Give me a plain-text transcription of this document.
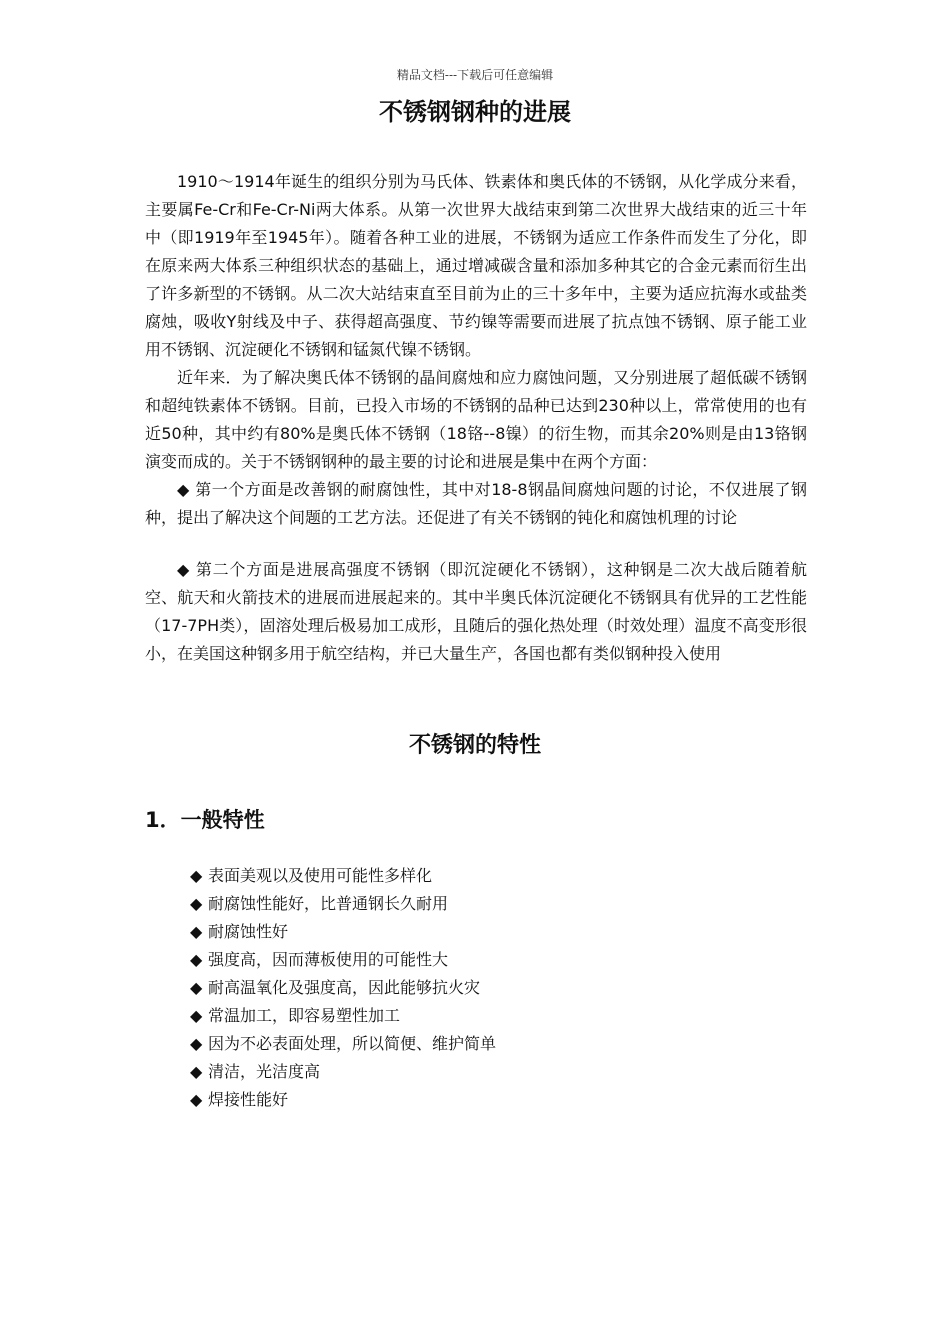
精品文档---下载后可任意编辑
不锈钢钢种的进展

1910～1914年诞生的组织分别为马氏体、铁素体和奥氏体的不锈钢，从化学成分来看，主要属Fe-Cr和Fe-Cr-Ni两大体系。从第一次世界大战结束到第二次世界大战结束的近三十年中（即1919年至1945年）。随着各种工业的进展，不锈钢为适应工作条件而发生了分化，即在原来两大体系三种组织状态的基础上，通过增减碳含量和添加多种其它的合金元素而衍生出了许多新型的不锈钢。从二次大站结束直至目前为止的三十多年中，主要为适应抗海水或盐类腐烛，吸收Y射线及中子、获得超高强度、节约镍等需要而进展了抗点蚀不锈钢、原子能工业用不锈钢、沉淀硬化不锈钢和锰氮代镍不锈钢。

近年来．为了解决奥氏体不锈钢的晶间腐烛和应力腐蚀问题，又分别进展了超低碳不锈钢和超纯铁素体不锈钢。目前，已投入市场的不锈钢的品种已达到230种以上，常常使用的也有近50种，其中约有80%是奥氏体不锈钢（18铬--8镍）的衍生物，而其余20%则是由13铬钢演变而成的。关于不锈钢钢种的最主要的讨论和进展是集中在两个方面：

◆ 第一个方面是改善钢的耐腐蚀性，其中对18-8钢晶间腐烛问题的讨论，不仅进展了钢种，提出了解决这个间题的工艺方法。还促进了有关不锈钢的钝化和腐蚀机理的讨论

◆ 第二个方面是进展高强度不锈钢（即沉淀硬化不锈钢），这种钢是二次大战后随着航空、航天和火箭技术的进展而进展起来的。其中半奥氏体沉淀硬化不锈钢具有优异的工艺性能（17-7PH类），固溶处理后极易加工成形，且随后的强化热处理（时效处理）温度不高变形很小，在美国这种钢多用于航空结构，并已大量生产，各国也都有类似钢种投入使用

不锈钢的特性
1．一般特性
◆ 表面美观以及使用可能性多样化
◆ 耐腐蚀性能好，比普通钢长久耐用
◆ 耐腐蚀性好
◆ 强度高，因而薄板使用的可能性大
◆ 耐高温氧化及强度高，因此能够抗火灾
◆ 常温加工，即容易塑性加工
◆ 因为不必表面处理，所以简便、维护简单
◆ 清洁，光洁度高
◆ 焊接性能好
